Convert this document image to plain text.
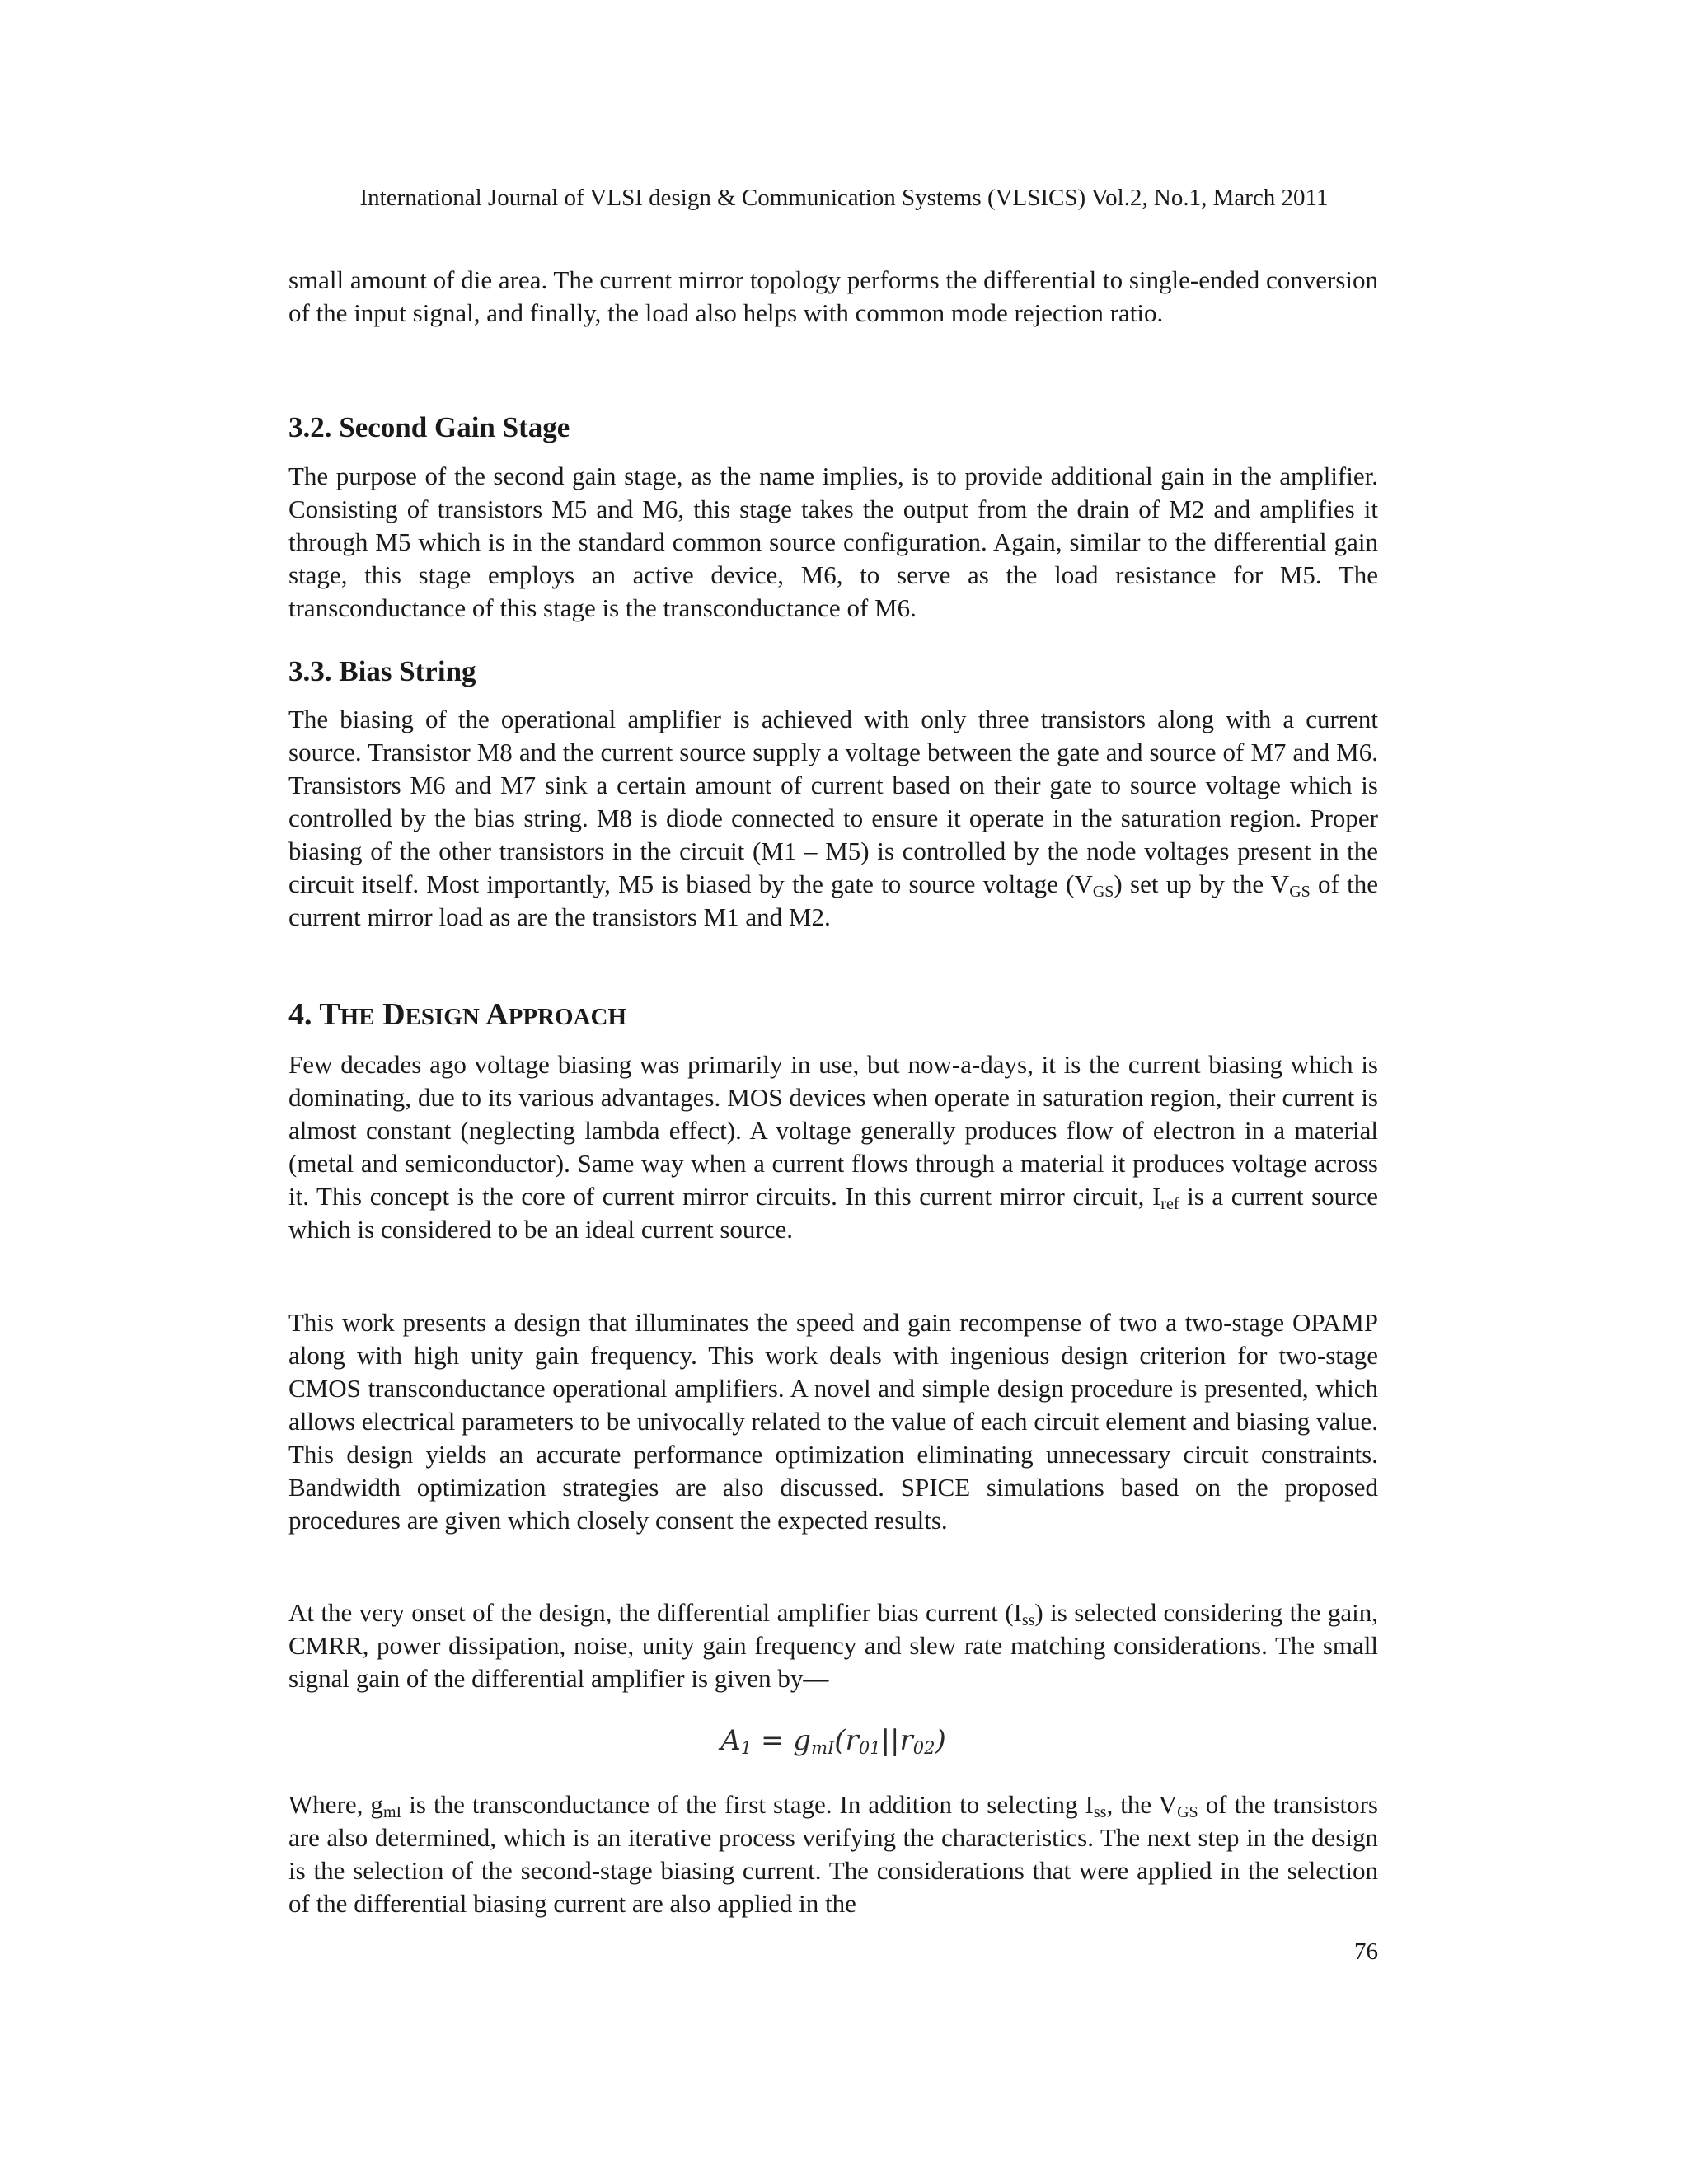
International Journal of VLSI design & Communication Systems (VLSICS) Vol.2, No.1, March 2011

small amount of die area. The current mirror topology performs the differential to single-ended conversion of the input signal, and finally, the load also helps with common mode rejection ratio.

3.2. Second Gain Stage

The purpose of the second gain stage, as the name implies, is to provide additional gain in the amplifier. Consisting of transistors M5 and M6, this stage takes the output from the drain of M2 and amplifies it through M5 which is in the standard common source configuration. Again, similar to the differential gain stage, this stage employs an active device, M6, to serve as the load resistance for M5. The transconductance of this stage is the transconductance of M6.

3.3. Bias String

The biasing of the operational amplifier is achieved with only three transistors along with a current source. Transistor M8 and the current source supply a voltage between the gate and source of M7 and M6. Transistors M6 and M7 sink a certain amount of current based on their gate to source voltage which is controlled by the bias string. M8 is diode connected to ensure it operate in the saturation region. Proper biasing of the other transistors in the circuit (M1 – M5) is controlled by the node voltages present in the circuit itself. Most importantly, M5 is biased by the gate to source voltage $(V_{GS})$ set up by the $V_{GS}$ of the current mirror load as are the transistors M1 and M2.

4. THE DESIGN APPROACH

Few decades ago voltage biasing was primarily in use, but now-a-days, it is the current biasing which is dominating, due to its various advantages. MOS devices when operate in saturation region, their current is almost constant (neglecting lambda effect). A voltage generally produces flow of electron in a material (metal and semiconductor). Same way when a current flows through a material it produces voltage across it. This concept is the core of current mirror circuits. In this current mirror circuit, $I_{ref}$ is a current source which is considered to be an ideal current source.

This work presents a design that illuminates the speed and gain recompense of two a two-stage OPAMP along with high unity gain frequency. This work deals with ingenious design criterion for two-stage CMOS transconductance operational amplifiers. A novel and simple design procedure is presented, which allows electrical parameters to be univocally related to the value of each circuit element and biasing value. This design yields an accurate performance optimization eliminating unnecessary circuit constraints. Bandwidth optimization strategies are also discussed. SPICE simulations based on the proposed procedures are given which closely consent the expected results.

At the very onset of the design, the differential amplifier bias current $(I_{ss})$ is selected considering the gain, CMRR, power dissipation, noise, unity gain frequency and slew rate matching considerations. The small signal gain of the differential amplifier is given by—

$A_1 = g_{mI}(r_{01}||r_{02})$

Where, $g_{mI}$ is the transconductance of the first stage. In addition to selecting $I_{ss}$, the $V_{GS}$ of the transistors are also determined, which is an iterative process verifying the characteristics. The next step in the design is the selection of the second-stage biasing current. The considerations that were applied in the selection of the differential biasing current are also applied in the

76
